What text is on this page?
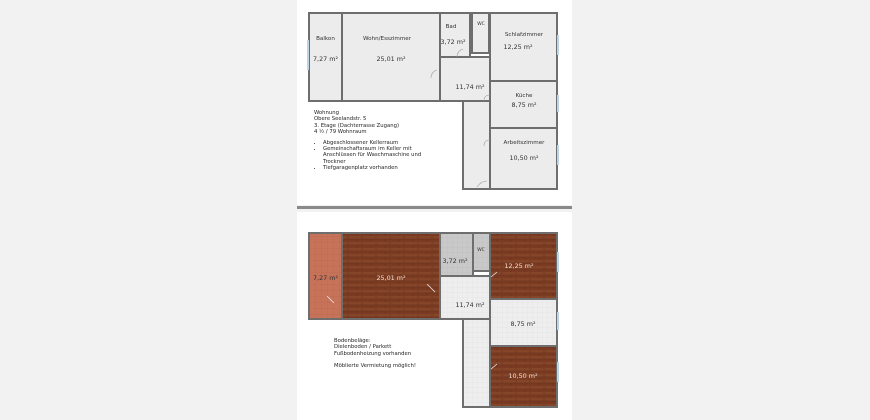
Balkon
7,27 m²
Wohn/Esszimmer
25,01 m²
Bad
3,72 m²
WC
Schlafzimmer
12,25 m²
11,74 m²
Küche
8,75 m²
Arbeitszimmer
10,50 m²
Wohnung
Obere Seelandstr. 5
3. Etage (Dachterrasse Zugang)
4 ½ / 79 Wohnraum
• Abgeschlossener Kellerraum
• Gemeinschaftsraum im Keller mit Anschlüssen für Waschmaschine und Trockner
• Tiefgaragenplatz vorhanden
7,27 m²	25,01 m²
3,72 m²
WC
12,25 m²
11,74 m²
8,75 m²
10,50 m²
Bodenbeläge:
Dielenboden / Parkett
Fußbodenheizung vorhanden
Möblierte Vermietung möglich!
